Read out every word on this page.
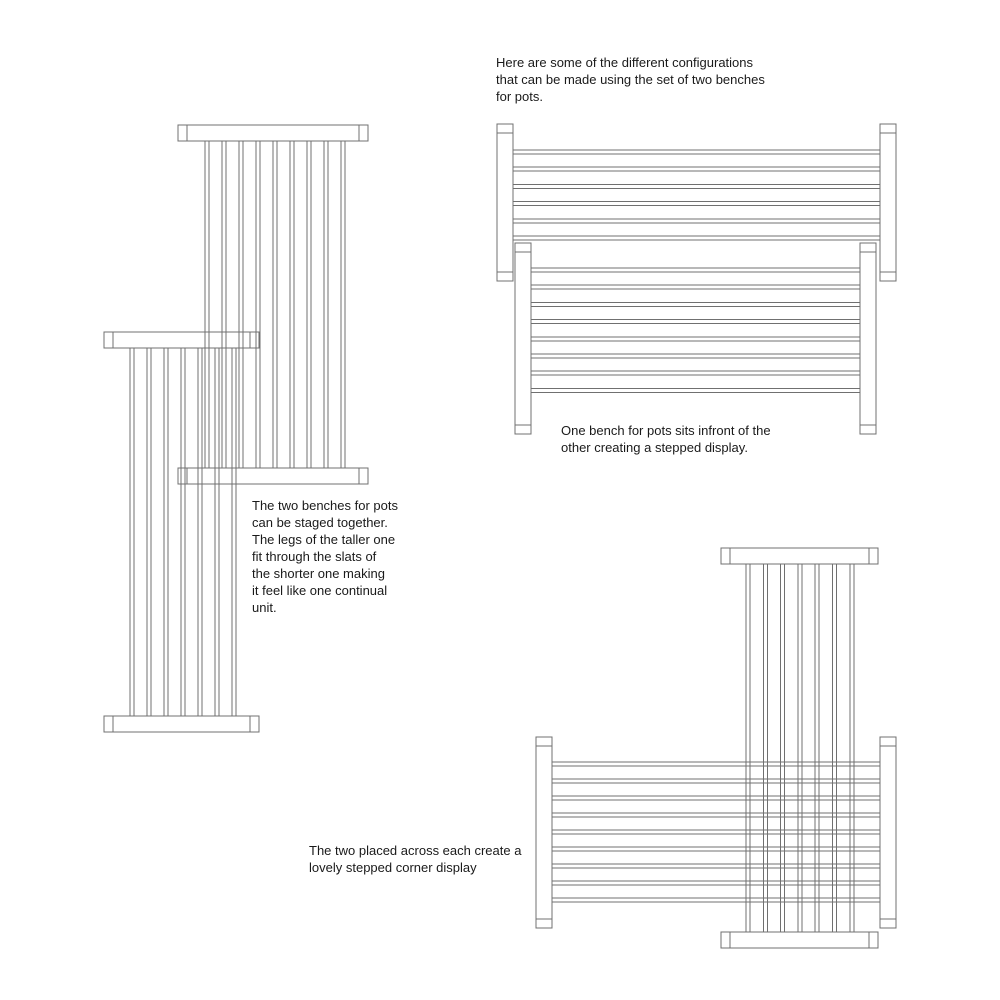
Here are some of the different configurations
that can be made using the set of two benches
for pots.

One bench for pots sits infront of the
other creating a stepped display.

The two benches for pots
can be staged together.
The legs of the taller one
fit through the slats of
the shorter one making
it feel like one continual
unit.

The two placed across each create a
lovely stepped corner display
